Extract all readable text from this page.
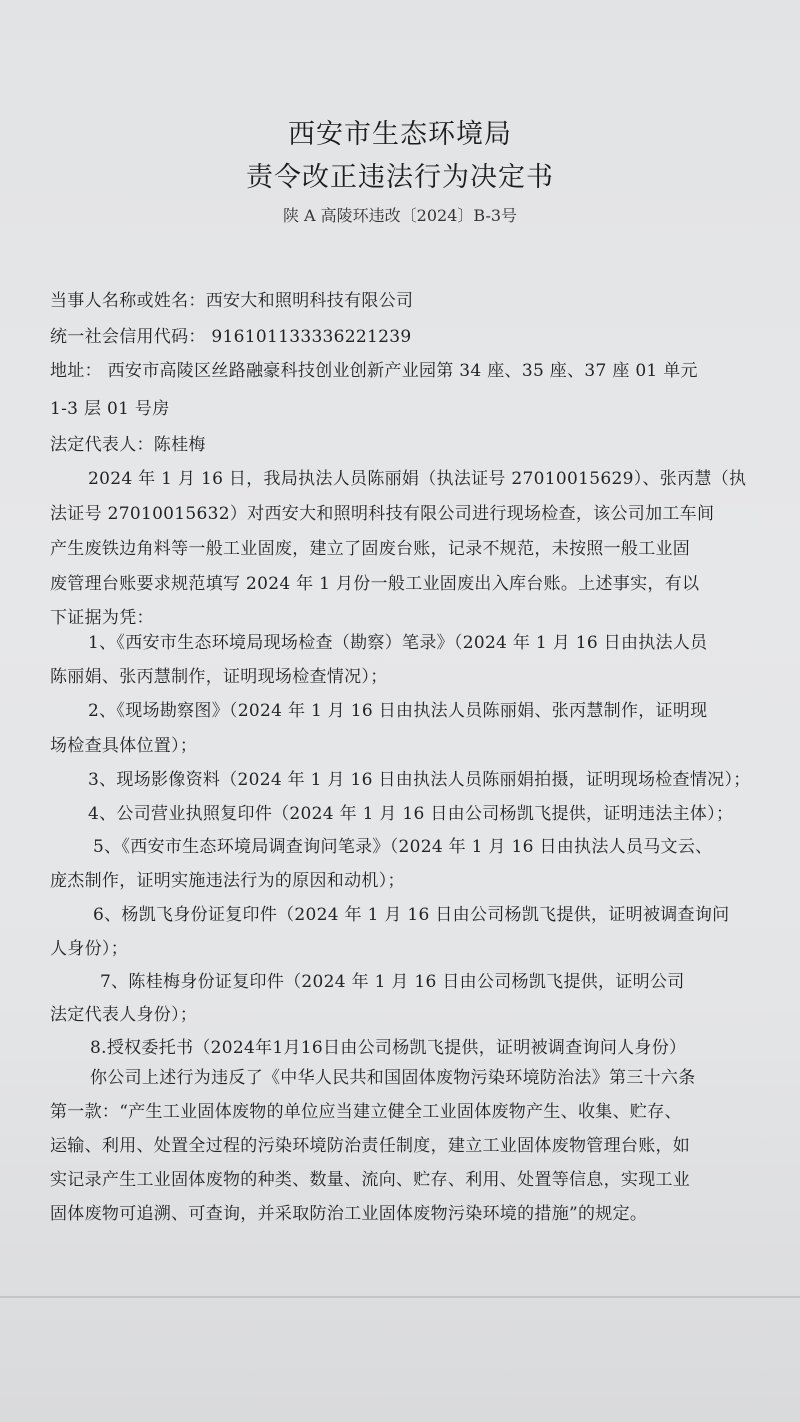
西安市生态环境局
责令改正违法行为决定书
陕 A 高陵环违改〔2024〕B-3号
当事人名称或姓名：西安大和照明科技有限公司
统一社会信用代码： 916101133336221239
地址： 西安市高陵区丝路融豪科技创业创新产业园第 34 座、35 座、37 座 01 单元
1-3 层 01 号房
法定代表人：陈桂梅
2024 年 1 月 16 日，我局执法人员陈丽娟（执法证号 27010015629）、张丙慧（执
法证号 27010015632）对西安大和照明科技有限公司进行现场检查，该公司加工车间
产生废铁边角料等一般工业固废，建立了固废台账，记录不规范，未按照一般工业固
废管理台账要求规范填写 2024 年 1 月份一般工业固废出入库台账。上述事实，有以
下证据为凭：
1、《西安市生态环境局现场检查（勘察）笔录》（2024 年 1 月 16 日由执法人员
陈丽娟、张丙慧制作，证明现场检查情况）；
2、《现场勘察图》（2024 年 1 月 16 日由执法人员陈丽娟、张丙慧制作，证明现
场检查具体位置）；
3、现场影像资料（2024 年 1 月 16 日由执法人员陈丽娟拍摄，证明现场检查情况）；
4、公司营业执照复印件（2024 年 1 月 16 日由公司杨凯飞提供，证明违法主体）；
5、《西安市生态环境局调查询问笔录》（2024 年 1 月 16 日由执法人员马文云、
庞杰制作，证明实施违法行为的原因和动机）；
6、杨凯飞身份证复印件（2024 年 1 月 16 日由公司杨凯飞提供，证明被调查询问
人身份）；
7、陈桂梅身份证复印件（2024 年 1 月 16 日由公司杨凯飞提供，证明公司
法定代表人身份）；
8.授权委托书（2024年1月16日由公司杨凯飞提供，证明被调查询问人身份）
你公司上述行为违反了《中华人民共和国固体废物污染环境防治法》第三十六条
第一款：“产生工业固体废物的单位应当建立健全工业固体废物产生、收集、贮存、
运输、利用、处置全过程的污染环境防治责任制度，建立工业固体废物管理台账，如
实记录产生工业固体废物的种类、数量、流向、贮存、利用、处置等信息，实现工业
固体废物可追溯、可查询，并采取防治工业固体废物污染环境的措施”的规定。
